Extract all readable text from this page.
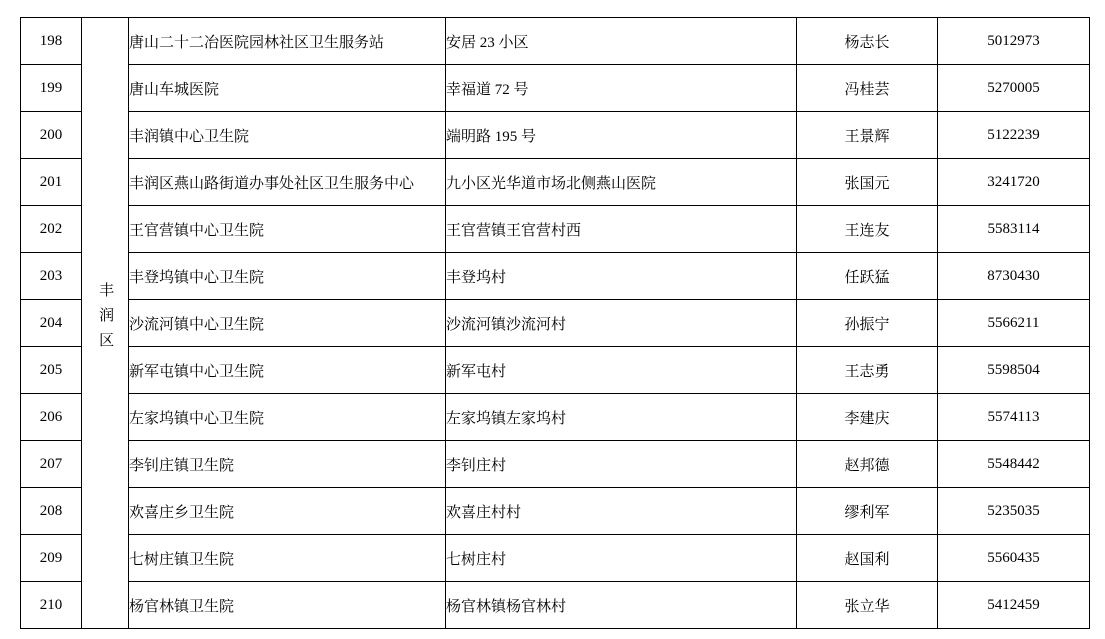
198	丰润区	唐山二十二冶医院园林社区卫生服务站	安居 23 小区	杨志长	5012973

199		唐山车城医院	幸福道 72 号	冯桂芸	5270005

200		丰润镇中心卫生院	端明路 195 号	王景辉	5122239

201		丰润区燕山路街道办事处社区卫生服务中心	九小区光华道市场北侧燕山医院	张国元	3241720

202		王官营镇中心卫生院	王官营镇王官营村西	王连友	5583114

203		丰登坞镇中心卫生院	丰登坞村	任跃猛	8730430

204		沙流河镇中心卫生院	沙流河镇沙流河村	孙振宁	5566211

205		新军屯镇中心卫生院	新军屯村	王志勇	5598504

206		左家坞镇中心卫生院	左家坞镇左家坞村	李建庆	5574113

207		李钊庄镇卫生院	李钊庄村	赵邦德	5548442

208		欢喜庄乡卫生院	欢喜庄村村	缪利军	5235035

209		七树庄镇卫生院	七树庄村	赵国利	5560435

210		杨官林镇卫生院	杨官林镇杨官林村	张立华	5412459
